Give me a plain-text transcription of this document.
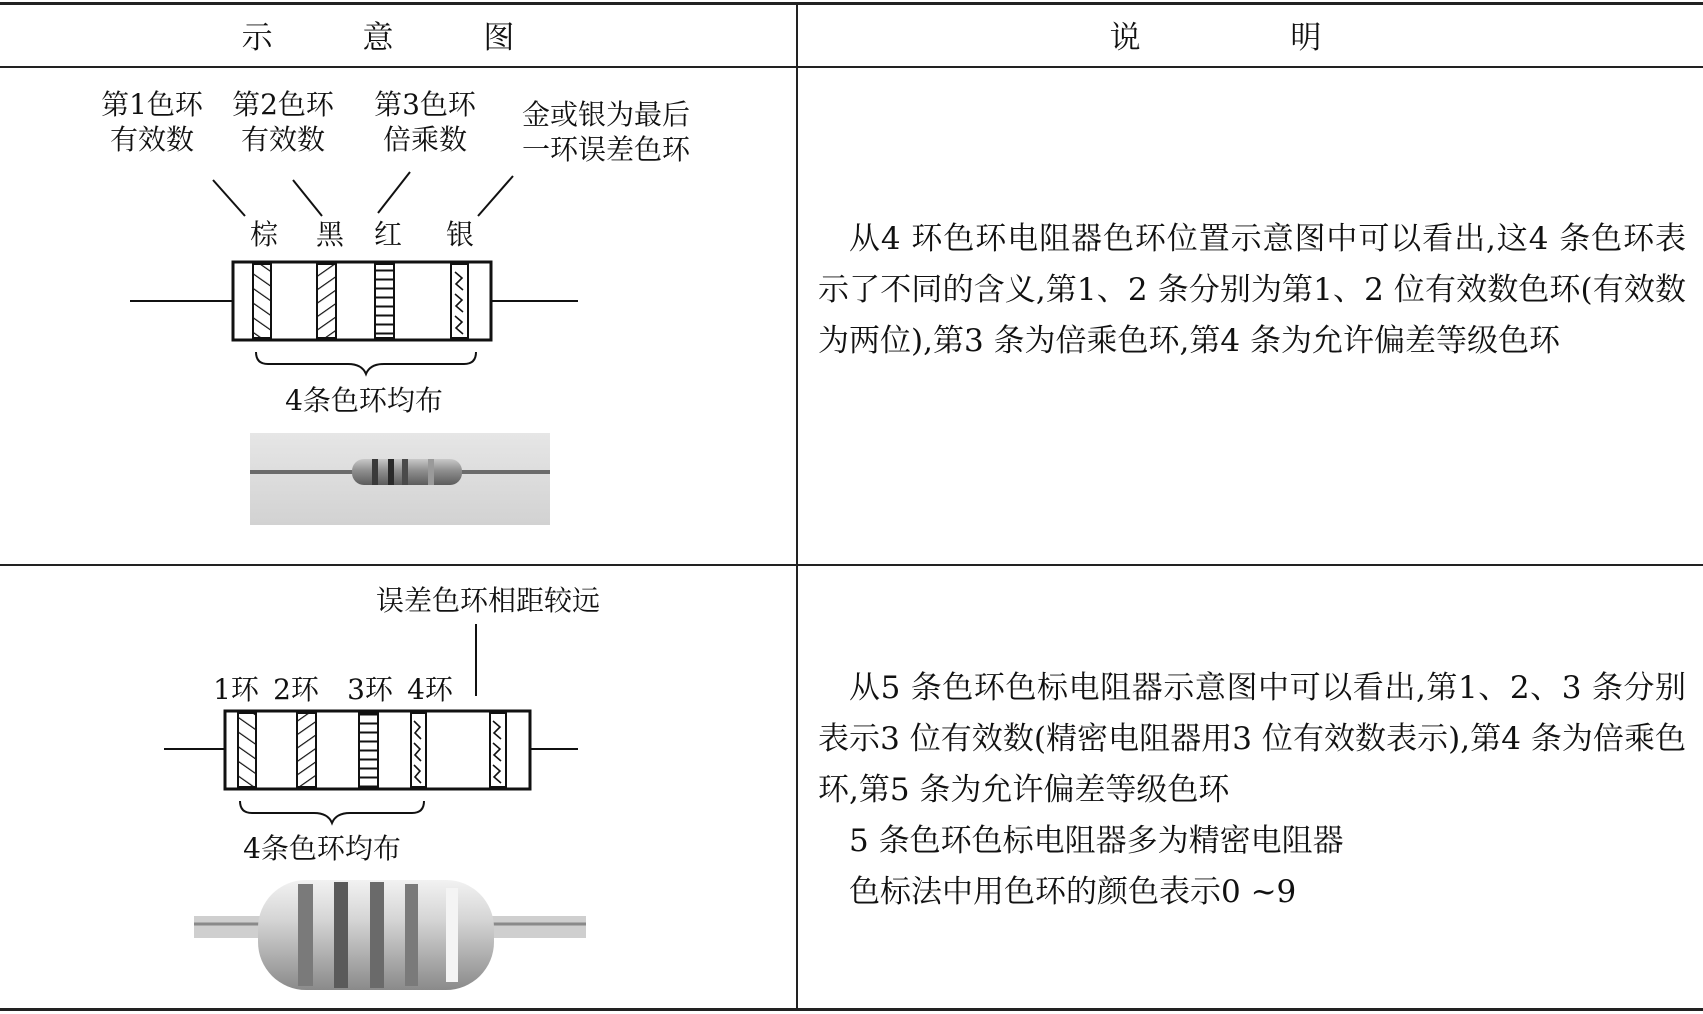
示 意 图	说 明
第1色环
有效数
第2色环
有效数
第3色环
倍乘数
金或银为最后
一环误差色环
棕 黑 红 银
4条色环均布

从4 环色环电阻器色环位置示意图中可以看出,这4 条色环表示了不同的含义,第1、2 条分别为第1、2 位有效数色环(有效数为两位),第3 条为倍乘色环,第4 条为允许偏差等级色环

误差色环相距较远
1环 2环 3环 4环
4条色环均布

从5 条色环色标电阻器示意图中可以看出,第1、2、3 条分别表示3 位有效数(精密电阻器用3 位有效数表示),第4 条为倍乘色环,第5 条为允许偏差等级色环

5 条色环色标电阻器多为精密电阻器

色标法中用色环的颜色表示0 ~9
